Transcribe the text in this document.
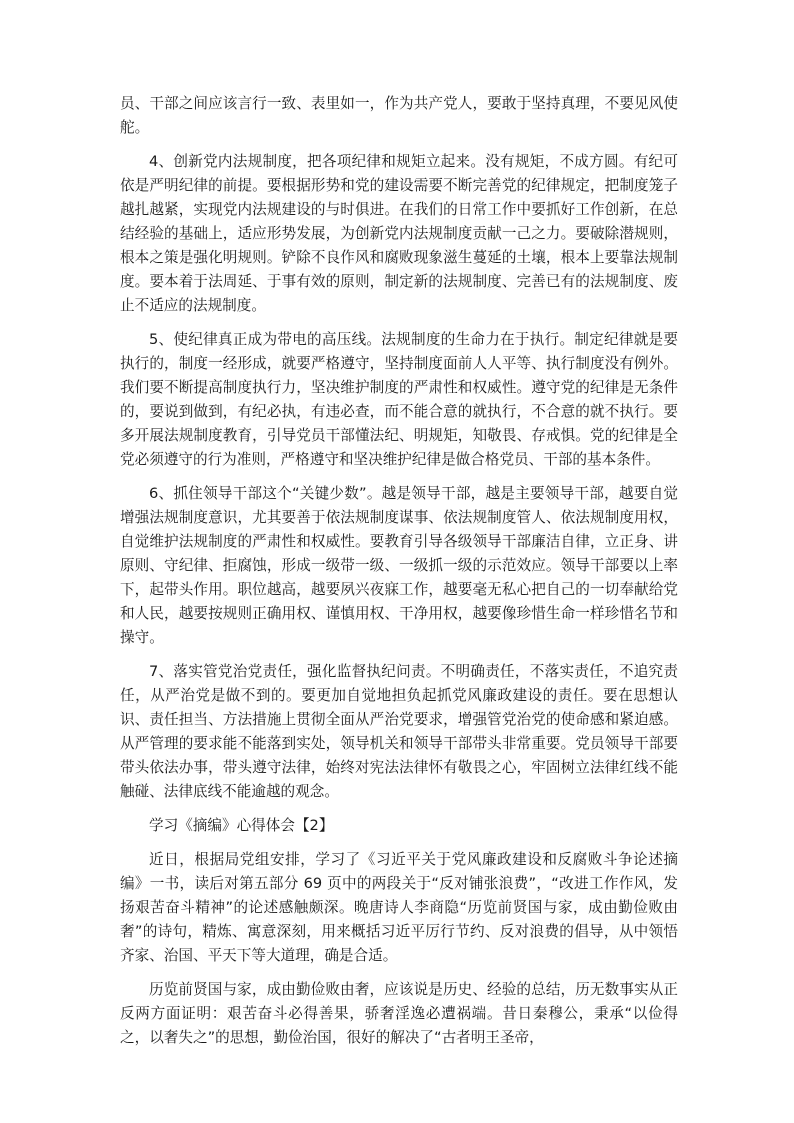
员、干部之间应该言行一致、表里如一，作为共产党人，要敢于坚持真理，不要见风使舵。

4、创新党内法规制度，把各项纪律和规矩立起来。没有规矩，不成方圆。有纪可依是严明纪律的前提。要根据形势和党的建设需要不断完善党的纪律规定，把制度笼子越扎越紧，实现党内法规建设的与时俱进。在我们的日常工作中要抓好工作创新，在总结经验的基础上，适应形势发展，为创新党内法规制度贡献一己之力。要破除潜规则，根本之策是强化明规则。铲除不良作风和腐败现象滋生蔓延的土壤，根本上要靠法规制度。要本着于法周延、于事有效的原则，制定新的法规制度、完善已有的法规制度、废止不适应的法规制度。

5、使纪律真正成为带电的高压线。法规制度的生命力在于执行。制定纪律就是要执行的，制度一经形成，就要严格遵守，坚持制度面前人人平等、执行制度没有例外。我们要不断提高制度执行力，坚决维护制度的严肃性和权威性。遵守党的纪律是无条件的，要说到做到，有纪必执，有违必查，而不能合意的就执行，不合意的就不执行。要多开展法规制度教育，引导党员干部懂法纪、明规矩，知敬畏、存戒惧。党的纪律是全党必须遵守的行为准则，严格遵守和坚决维护纪律是做合格党员、干部的基本条件。

6、抓住领导干部这个“关键少数”。越是领导干部，越是主要领导干部，越要自觉增强法规制度意识，尤其要善于依法规制度谋事、依法规制度管人、依法规制度用权，自觉维护法规制度的严肃性和权威性。要教育引导各级领导干部廉洁自律，立正身、讲原则、守纪律、拒腐蚀，形成一级带一级、一级抓一级的示范效应。领导干部要以上率下，起带头作用。职位越高，越要夙兴夜寐工作，越要毫无私心把自己的一切奉献给党和人民，越要按规则正确用权、谨慎用权、干净用权，越要像珍惜生命一样珍惜名节和操守。

7、落实管党治党责任，强化监督执纪问责。不明确责任，不落实责任，不追究责任，从严治党是做不到的。要更加自觉地担负起抓党风廉政建设的责任。要在思想认识、责任担当、方法措施上贯彻全面从严治党要求，增强管党治党的使命感和紧迫感。从严管理的要求能不能落到实处，领导机关和领导干部带头非常重要。党员领导干部要带头依法办事，带头遵守法律，始终对宪法法律怀有敬畏之心，牢固树立法律红线不能触碰、法律底线不能逾越的观念。

学习《摘编》心得体会【2】

近日，根据局党组安排，学习了《习近平关于党风廉政建设和反腐败斗争论述摘编》一书，读后对第五部分 69 页中的两段关于“反对铺张浪费”，“改进工作作风，发扬艰苦奋斗精神”的论述感触颇深。晚唐诗人李商隐“历览前贤国与家，成由勤俭败由奢”的诗句，精炼、寓意深刻，用来概括习近平厉行节约、反对浪费的倡导，从中领悟齐家、治国、平天下等大道理，确是合适。

历览前贤国与家，成由勤俭败由奢，应该说是历史、经验的总结，历无数事实从正反两方面证明：艰苦奋斗必得善果，骄奢淫逸必遭祸端。昔日秦穆公，秉承“以俭得之，以奢失之”的思想，勤俭治国，很好的解决了“古者明王圣帝，
